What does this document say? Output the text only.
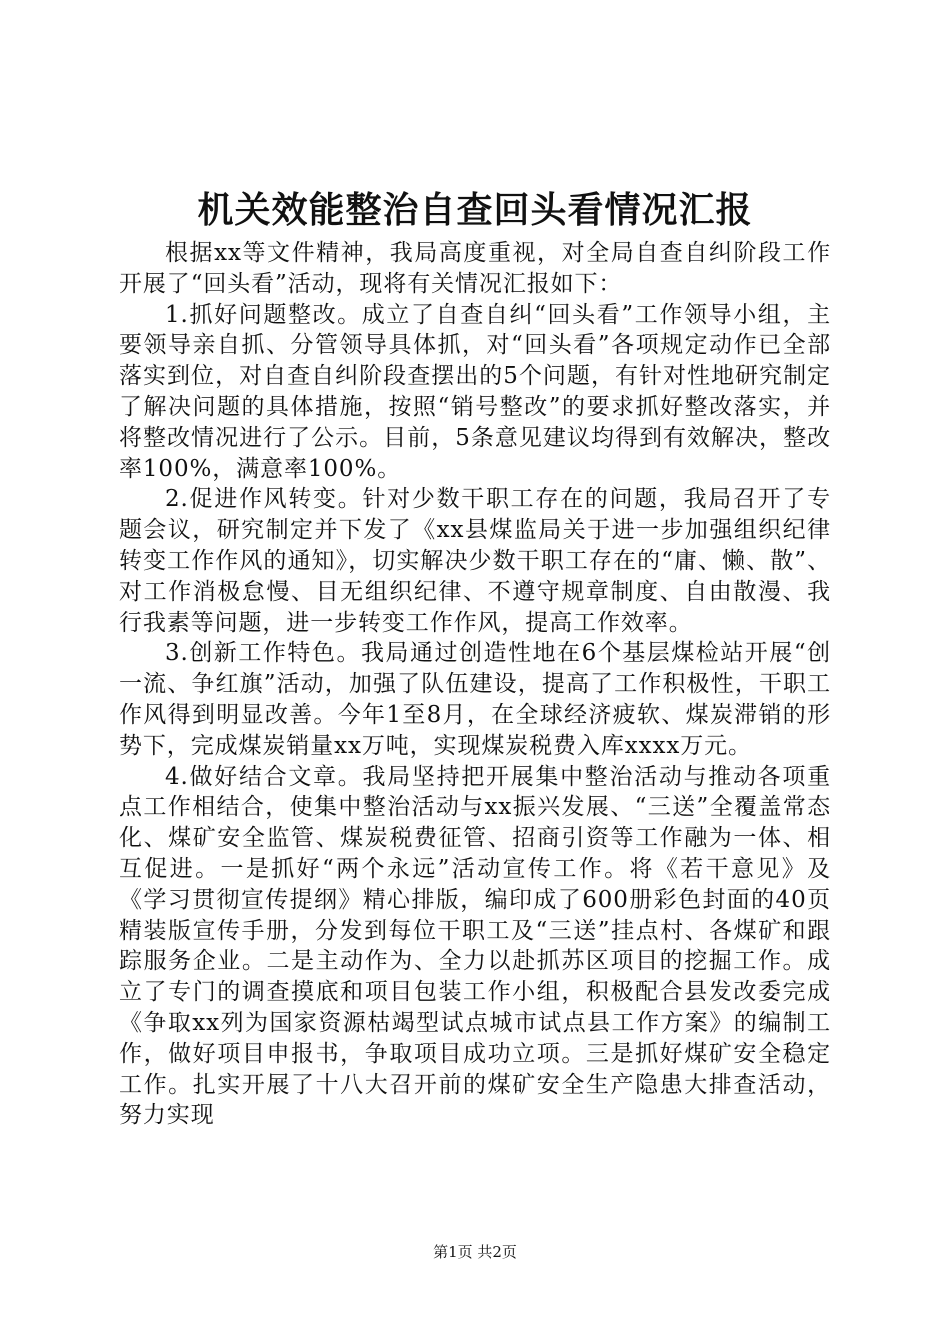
机关效能整治自查回头看情况汇报

根据xx等文件精神，我局高度重视，对全局自查自纠阶段工作开展了“回头看”活动，现将有关情况汇报如下：

1.抓好问题整改。成立了自查自纠“回头看”工作领导小组，主要领导亲自抓、分管领导具体抓，对“回头看”各项规定动作已全部落实到位，对自查自纠阶段查摆出的5个问题，有针对性地研究制定了解决问题的具体措施，按照“销号整改”的要求抓好整改落实，并将整改情况进行了公示。目前，5条意见建议均得到有效解决，整改率100%，满意率100%。

2.促进作风转变。针对少数干职工存在的问题，我局召开了专题会议，研究制定并下发了《xx县煤监局关于进一步加强组织纪律转变工作作风的通知》，切实解决少数干职工存在的“庸、懒、散”、对工作消极怠慢、目无组织纪律、不遵守规章制度、自由散漫、我行我素等问题，进一步转变工作作风，提高工作效率。

3.创新工作特色。我局通过创造性地在6个基层煤检站开展“创一流、争红旗”活动，加强了队伍建设，提高了工作积极性，干职工作风得到明显改善。今年1至8月，在全球经济疲软、煤炭滞销的形势下，完成煤炭销量xx万吨，实现煤炭税费入库xxxx万元。

4.做好结合文章。我局坚持把开展集中整治活动与推动各项重点工作相结合，使集中整治活动与xx振兴发展、“三送”全覆盖常态化、煤矿安全监管、煤炭税费征管、招商引资等工作融为一体、相互促进。一是抓好“两个永远”活动宣传工作。将《若干意见》及《学习贯彻宣传提纲》精心排版，编印成了600册彩色封面的40页精装版宣传手册，分发到每位干职工及“三送”挂点村、各煤矿和跟踪服务企业。二是主动作为、全力以赴抓苏区项目的挖掘工作。成立了专门的调查摸底和项目包装工作小组，积极配合县发改委完成《争取xx列为国家资源枯竭型试点城市试点县工作方案》的编制工作，做好项目申报书，争取项目成功立项。三是抓好煤矿安全稳定工作。扎实开展了十八大召开前的煤矿安全生产隐患大排查活动，努力实现

第1页 共2页
